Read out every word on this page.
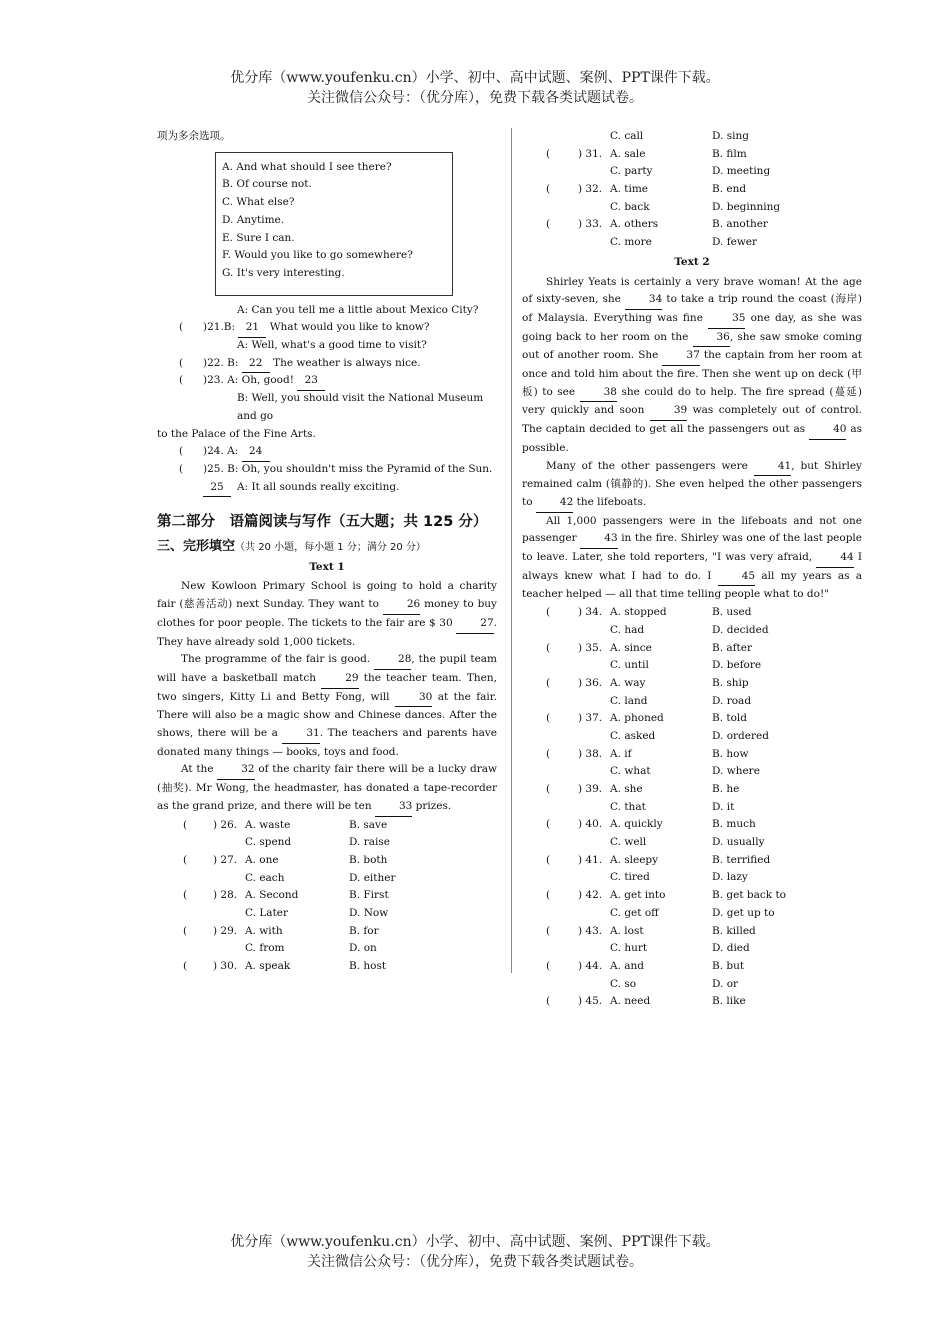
优分库（www.youfenku.cn）小学、初中、高中试题、案例、PPT课件下载。
关注微信公众号：（优分库），免费下载各类试题试卷。
项为多余选项。
A. And what should I see there?
B. Of course not.
C. What else?
D. Anytime.
E. Sure I can.
F. Would you like to go somewhere?
G. It's very interesting.
A: Can you tell me a little about Mexico City?
( )21.B: 21 What would you like to know?
A: Well, what's a good time to visit?
( )22. B: 22 The weather is always nice.
( )23. A: Oh, good! 23
B: Well, you should visit the National Museum and go
to the Palace of the Fine Arts.
( )24. A: 24
( )25. B: Oh, you shouldn't miss the Pyramid of the Sun. 25	A: It all sounds really exciting.
第二部分　语篇阅读与写作（五大题；共 125 分）
三、完形填空（共 20 小题，每小题 1 分；满分 20 分）
Text 1

New Kowloon Primary School is going to hold a charity fair (慈善活动) next Sunday. They want to	26 money to buy clothes for poor people. The tickets to the fair are $ 30	27. They have already sold 1,000 tickets.

The programme of the fair is good.	28, the pupil team will have a basketball match	29 the teacher team. Then, two singers, Kitty Li and Betty Fong, will	30 at the fair. There will also be a magic show and Chinese dances. After the shows, there will be a	31. The teachers and parents have donated many things — books, toys and food.

At the	32 of the charity fair there will be a lucky draw (抽奖). Mr Wong, the headmaster, has donated a tape-recorder as the grand prize, and there will be ten	33 prizes.

( ) 26. A. waste	B. save
C. spend	D. raise
( ) 27. A. one	B. both
C. each	D. either
( ) 28. A. Second	B. First
C. Later	D. Now
( ) 29. A. with	B. for
C. from	D. on
( ) 30. A. speak	B. host
C. call	D. sing
(	) 31. A. sale	B. film
C. party	D. meeting
(	) 32. A. time	B. end
C. back	D. beginning
(	) 33. A. others	B. another
C. more	D. fewer
Text 2

Shirley Yeats is certainly a very brave woman! At the age of sixty-seven, she	34 to take a trip round the coast (海岸) of Malaysia. Everything was fine	35 one day, as she was going back to her room on the	36, she saw smoke coming out of another room. She	37 the captain from her room at once and told him about the fire. Then she went up on deck (甲板) to see	38 she could do to help. The fire spread (蔓延) very quickly and soon	39 was completely out of control. The captain decided to get all the passengers out as	40 as possible.

Many of the other passengers were	41, but Shirley remained calm (镇静的). She even helped the other passengers to	42 the lifeboats.

All 1,000 passengers were in the lifeboats and not one passenger	43 in the fire. Shirley was one of the last people to leave. Later, she told reporters, "I was very afraid,	44 I always knew what I had to do. I	45 all my years as a teacher helped — all that time telling people what to do!"

(	) 34. A. stopped	B. used
C. had	D. decided
(	) 35. A. since	B. after
C. until	D. before
(	) 36. A. way	B. ship
C. land	D. road
(	) 37. A. phoned	B. told
C. asked	D. ordered
(	) 38. A. if	B. how
C. what	D. where
(	) 39. A. she	B. he
C. that	D. it
(	) 40. A. quickly	B. much
C. well	D. usually
(	) 41. A. sleepy	B. terrified
C. tired	D. lazy
(	) 42. A. get into	B. get back to
C. get off	D. get up to
(	) 43. A. lost	B. killed
C. hurt	D. died
(	) 44. A. and	B. but
C. so	D. or
(	) 45. A. need	B. like
优分库（www.youfenku.cn）小学、初中、高中试题、案例、PPT课件下载。
关注微信公众号：（优分库），免费下载各类试题试卷。
